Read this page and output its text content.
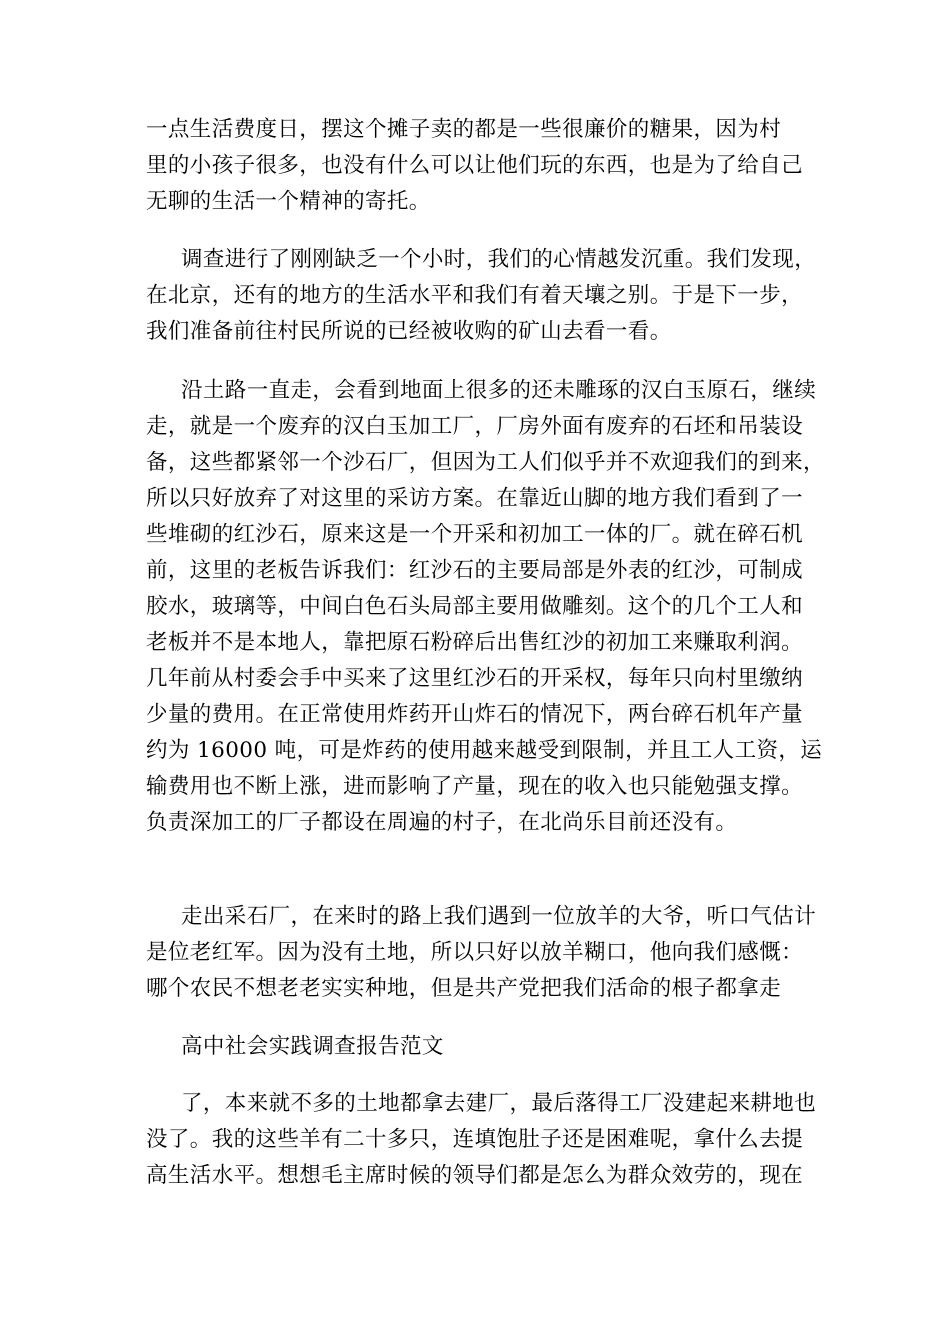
一点生活费度日，摆这个摊子卖的都是一些很廉价的糖果，因为村
里的小孩子很多，也没有什么可以让他们玩的东西，也是为了给自己
无聊的生活一个精神的寄托。
调查进行了刚刚缺乏一个小时，我们的心情越发沉重。我们发现，
在北京，还有的地方的生活水平和我们有着天壤之别。于是下一步，
我们准备前往村民所说的已经被收购的矿山去看一看。
沿土路一直走，会看到地面上很多的还未雕琢的汉白玉原石，继续
走，就是一个废弃的汉白玉加工厂，厂房外面有废弃的石坯和吊装设
备，这些都紧邻一个沙石厂，但因为工人们似乎并不欢迎我们的到来，
所以只好放弃了对这里的采访方案。在靠近山脚的地方我们看到了一
些堆砌的红沙石，原来这是一个开采和初加工一体的厂。就在碎石机
前，这里的老板告诉我们：红沙石的主要局部是外表的红沙，可制成
胶水，玻璃等，中间白色石头局部主要用做雕刻。这个的几个工人和
老板并不是本地人，靠把原石粉碎后出售红沙的初加工来赚取利润。
几年前从村委会手中买来了这里红沙石的开采权，每年只向村里缴纳
少量的费用。在正常使用炸药开山炸石的情况下，两台碎石机年产量
约为 16000 吨，可是炸药的使用越来越受到限制，并且工人工资，运
输费用也不断上涨，进而影响了产量，现在的收入也只能勉强支撑。
负责深加工的厂子都设在周遍的村子，在北尚乐目前还没有。
走出采石厂，在来时的路上我们遇到一位放羊的大爷，听口气估计
是位老红军。因为没有土地，所以只好以放羊糊口，他向我们感慨：
哪个农民不想老老实实种地，但是共产党把我们活命的根子都拿走
高中社会实践调查报告范文
了，本来就不多的土地都拿去建厂，最后落得工厂没建起来耕地也
没了。我的这些羊有二十多只，连填饱肚子还是困难呢，拿什么去提
高生活水平。想想毛主席时候的领导们都是怎么为群众效劳的，现在
